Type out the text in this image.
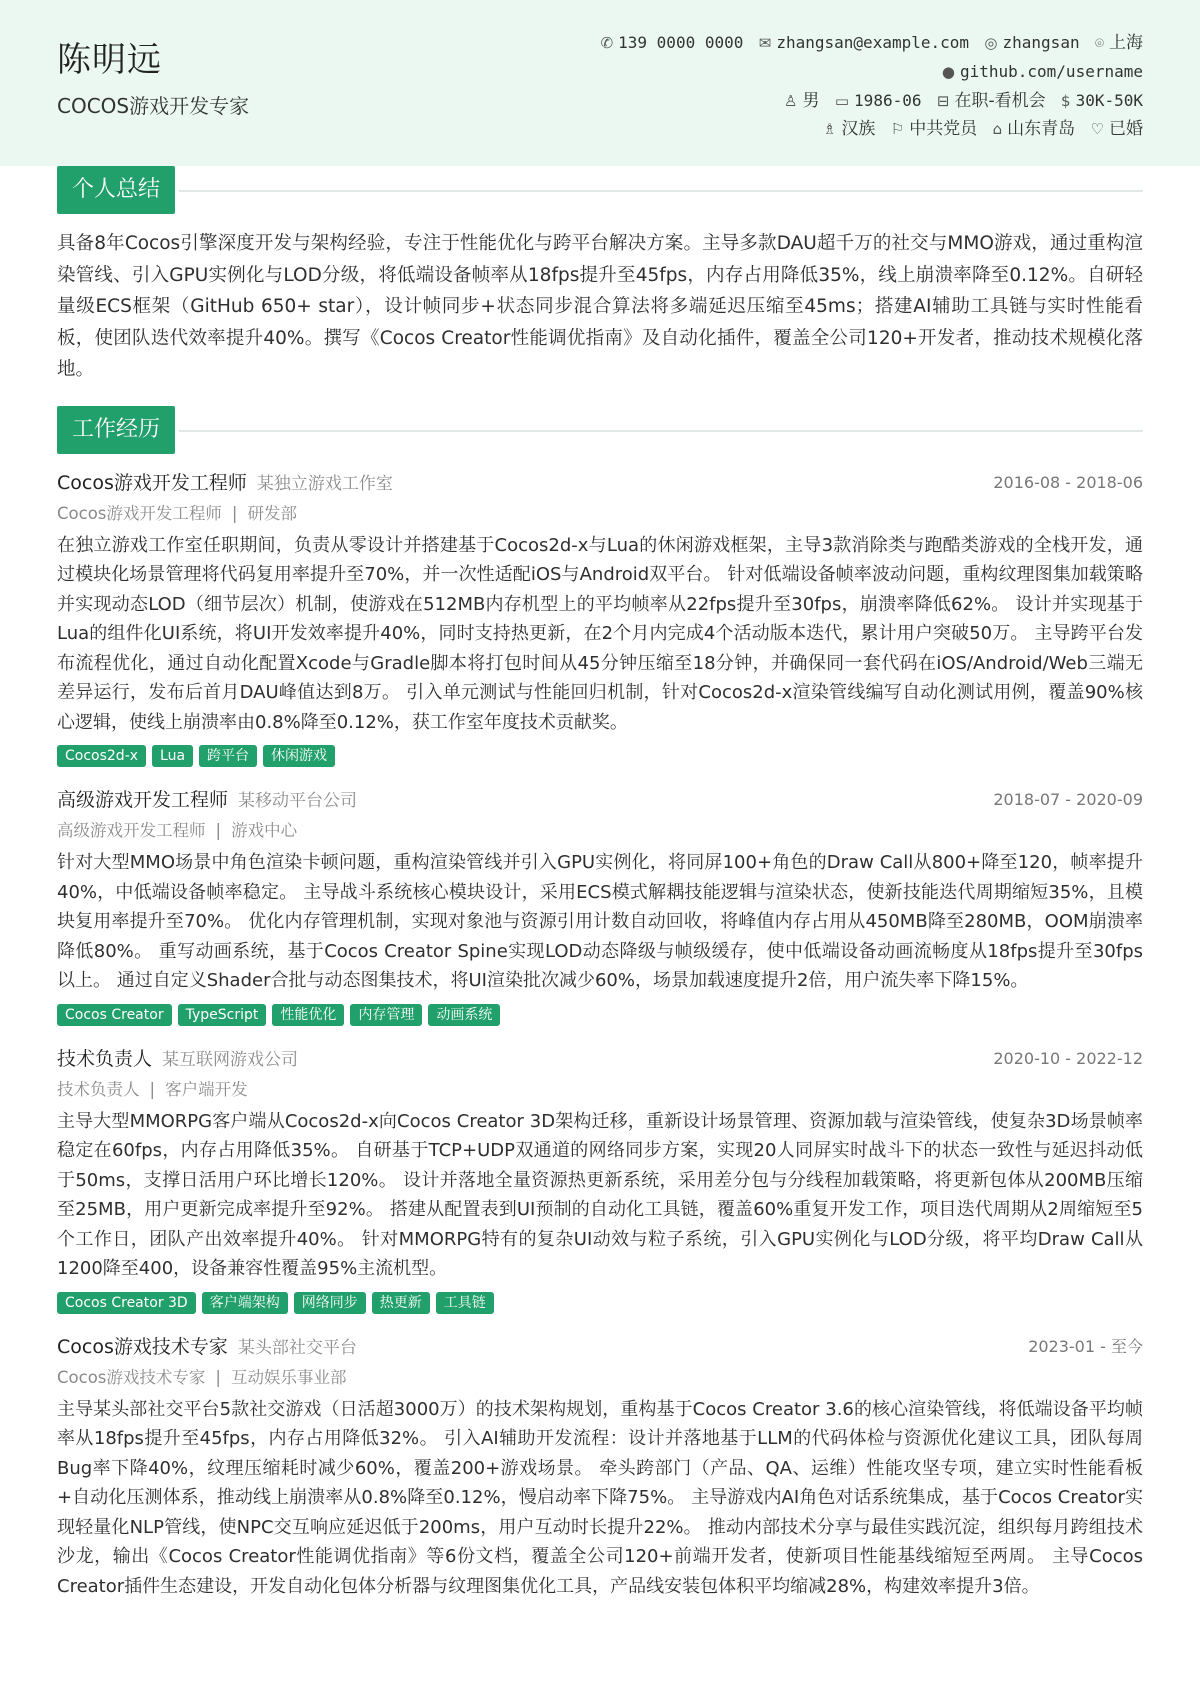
陈明远
COCOS游戏开发专家
✆ 139 0000 0000 ✉ zhangsan@example.com ◎ zhangsan ⌾ 上海
● github.com/username
♙ 男 ▭ 1986-06 ⊟ 在职-看机会 $ 30K-50K
♗ 汉族 ⚐ 中共党员 ⌂ 山东青岛 ♡ 已婚
个人总结

具备8年Cocos引擎深度开发与架构经验，专注于性能优化与跨平台解决方案。主导多款DAU超千万的社交与MMO游戏，通过重构渲染管线、引入GPU实例化与LOD分级，将低端设备帧率从18fps提升至45fps，内存占用降低35%，线上崩溃率降至0.12%。自研轻量级ECS框架（GitHub 650+ star），设计帧同步+状态同步混合算法将多端延迟压缩至45ms；搭建AI辅助工具链与实时性能看板，使团队迭代效率提升40%。撰写《Cocos Creator性能调优指南》及自动化插件，覆盖全公司120+开发者，推动技术规模化落地。

工作经历
Cocos游戏开发工程师 某独立游戏工作室	2016-08 - 2018-06
Cocos游戏开发工程师 | 研发部
在独立游戏工作室任职期间，负责从零设计并搭建基于Cocos2d-x与Lua的休闲游戏框架，主导3款消除类与跑酷类游戏的全栈开发，通过模块化场景管理将代码复用率提升至70%，并一次性适配iOS与Android双平台。 针对低端设备帧率波动问题，重构纹理图集加载策略并实现动态LOD（细节层次）机制，使游戏在512MB内存机型上的平均帧率从22fps提升至30fps，崩溃率降低62%。 设计并实现基于Lua的组件化UI系统，将UI开发效率提升40%，同时支持热更新，在2个月内完成4个活动版本迭代，累计用户突破50万。 主导跨平台发布流程优化，通过自动化配置Xcode与Gradle脚本将打包时间从45分钟压缩至18分钟，并确保同一套代码在iOS/Android/Web三端无差异运行，发布后首月DAU峰值达到8万。 引入单元测试与性能回归机制，针对Cocos2d-x渲染管线编写自动化测试用例，覆盖90%核心逻辑，使线上崩溃率由0.8%降至0.12%，获工作室年度技术贡献奖。
Cocos2d-x Lua 跨平台 休闲游戏
高级游戏开发工程师 某移动平台公司	2018-07 - 2020-09
高级游戏开发工程师 | 游戏中心
针对大型MMO场景中角色渲染卡顿问题，重构渲染管线并引入GPU实例化，将同屏100+角色的Draw Call从800+降至120，帧率提升40%，中低端设备帧率稳定。 主导战斗系统核心模块设计，采用ECS模式解耦技能逻辑与渲染状态，使新技能迭代周期缩短35%，且模块复用率提升至70%。 优化内存管理机制，实现对象池与资源引用计数自动回收，将峰值内存占用从450MB降至280MB，OOM崩溃率降低80%。 重写动画系统，基于Cocos Creator Spine实现LOD动态降级与帧级缓存，使中低端设备动画流畅度从18fps提升至30fps以上。 通过自定义Shader合批与动态图集技术，将UI渲染批次减少60%，场景加载速度提升2倍，用户流失率下降15%。
Cocos Creator TypeScript 性能优化 内存管理 动画系统
技术负责人 某互联网游戏公司	2020-10 - 2022-12
技术负责人 | 客户端开发
主导大型MMORPG客户端从Cocos2d-x向Cocos Creator 3D架构迁移，重新设计场景管理、资源加载与渲染管线，使复杂3D场景帧率稳定在60fps，内存占用降低35%。 自研基于TCP+UDP双通道的网络同步方案，实现20人同屏实时战斗下的状态一致性与延迟抖动低于50ms，支撑日活用户环比增长120%。 设计并落地全量资源热更新系统，采用差分包与分线程加载策略，将更新包体从200MB压缩至25MB，用户更新完成率提升至92%。 搭建从配置表到UI预制的自动化工具链，覆盖60%重复开发工作，项目迭代周期从2周缩短至5个工作日，团队产出效率提升40%。 针对MMORPG特有的复杂UI动效与粒子系统，引入GPU实例化与LOD分级，将平均Draw Call从1200降至400，设备兼容性覆盖95%主流机型。
Cocos Creator 3D 客户端架构 网络同步 热更新 工具链
Cocos游戏技术专家 某头部社交平台	2023-01 - 至今
Cocos游戏技术专家 | 互动娱乐事业部
主导某头部社交平台5款社交游戏（日活超3000万）的技术架构规划，重构基于Cocos Creator 3.6的核心渲染管线，将低端设备平均帧率从18fps提升至45fps，内存占用降低32%。 引入AI辅助开发流程：设计并落地基于LLM的代码体检与资源优化建议工具，团队每周Bug率下降40%，纹理压缩耗时减少60%，覆盖200+游戏场景。 牵头跨部门（产品、QA、运维）性能攻坚专项，建立实时性能看板+自动化压测体系，推动线上崩溃率从0.8%降至0.12%，慢启动率下降75%。 主导游戏内AI角色对话系统集成，基于Cocos Creator实现轻量化NLP管线，使NPC交互响应延迟低于200ms，用户互动时长提升22%。 推动内部技术分享与最佳实践沉淀，组织每月跨组技术沙龙，输出《Cocos Creator性能调优指南》等6份文档，覆盖全公司120+前端开发者，使新项目性能基线缩短至两周。 主导Cocos Creator插件生态建设，开发自动化包体分析器与纹理图集优化工具，产品线安装包体积平均缩减28%，构建效率提升3倍。
